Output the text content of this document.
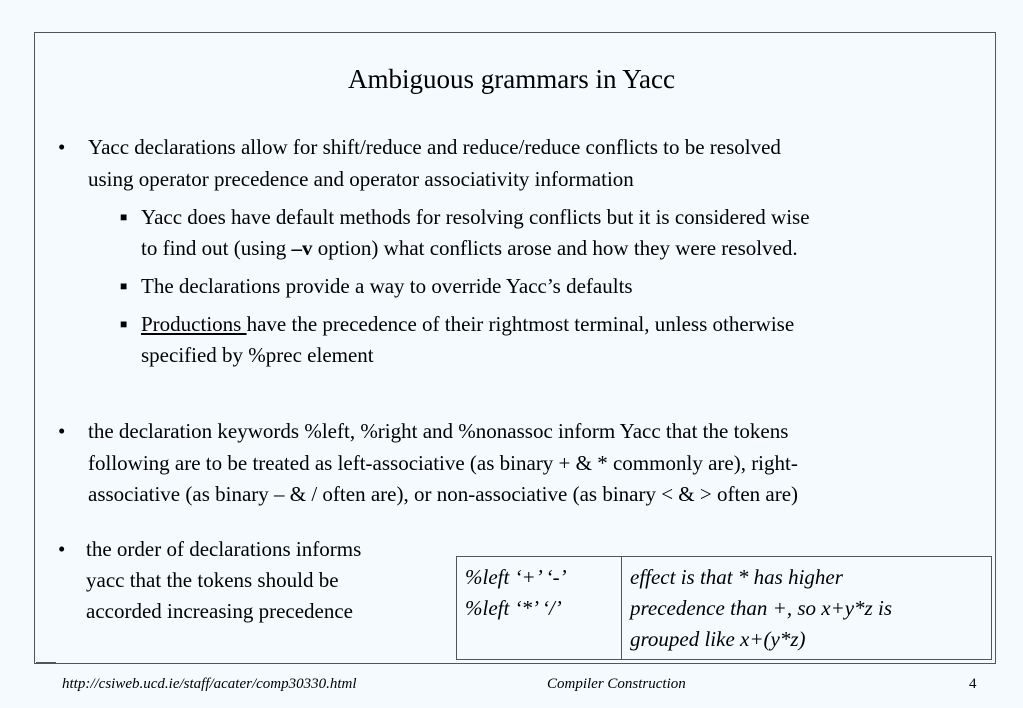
Ambiguous grammars in Yacc
• Yacc declarations allow for shift/reduce and reduce/reduce conflicts to be resolved
using operator precedence and operator associativity information
■ Yacc does have default methods for resolving conflicts but it is considered wise
to find out (using –v option) what conflicts arose and how they were resolved.
■ The declarations provide a way to override Yacc’s defaults
■ Productions have the precedence of their rightmost terminal, unless otherwise
specified by %prec element
• the declaration keywords %left, %right and %nonassoc inform Yacc that the tokens
following are to be treated as left-associative (as binary + & * commonly are), right-
associative (as binary – & / often are), or non-associative (as binary < & > often are)
• the order of declarations informs
yacc that the tokens should be
accorded increasing precedence
%left ‘+’ ‘-’
%left ‘*’ ‘/’
effect is that * has higher
precedence than +, so x+y*z is
grouped like x+(y*z)
http://csiweb.ucd.ie/staff/acater/comp30330.html	Compiler Construction	4
